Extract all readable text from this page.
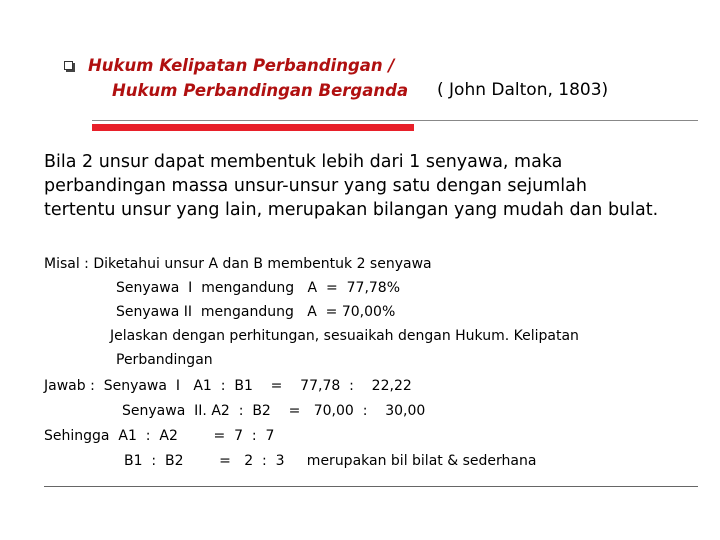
Hukum Kelipatan Perbandingan /
Hukum Perbandingan Berganda ( John Dalton, 1803)
Bila 2 unsur dapat membentuk lebih dari 1 senyawa, maka
perbandingan massa unsur-unsur yang satu dengan sejumlah
tertentu unsur yang lain, merupakan bilangan yang mudah dan bulat.
Misal : Diketahui unsur A dan B membentuk 2 senyawa
Senyawa  I  mengandung   A  =  77,78%
Senyawa II  mengandung   A  = 70,00%
Jelaskan dengan perhitungan, sesuaikah dengan Hukum. Kelipatan
Perbandingan
Jawab :  Senyawa  I   A1  :  B1    =    77,78  :    22,22
Senyawa  II. A2  :  B2    =   70,00  :    30,00
Sehingga  A1  :  A2        =  7  :  7
B1  :  B2        =   2  :  3     merupakan bil bilat & sederhana
